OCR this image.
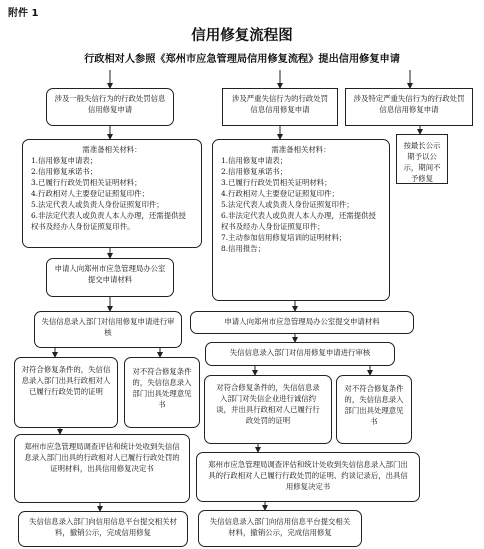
附件 1
信用修复流程图
行政相对人参照《郑州市应急管理局信用修复流程》提出信用修复申请
涉及一般失信行为的行政处罚信息信用修复申请
需准备相关材料：
1.信用修复申请表；
2.信用修复承诺书；
3.已履行行政处罚相关证明材料；
4.行政相对人主要登记证照复印件；
5.法定代表人或负责人身份证照复印件；
6.非法定代表人或负责人本人办理，还需提供授权书及经办人身份证照复印件。
申请人向郑州市应急管理局办公室提交申请材料
失信信息录入部门对信用修复申请进行审核
对符合修复条件的，失信信息录入部门出具行政相对人已履行行政处罚的证明
对不符合修复条件的，失信信息录入部门出具处理意见书
郑州市应急管理局调查评估和统计处收到失信信息录入部门出具的行政相对人已履行行政处罚的证明材料，出具信用修复决定书
失信信息录入部门向信用信息平台提交相关材料，撤销公示，完成信用修复
涉及严重失信行为的行政处罚信息信用修复申请
需准备相关材料：
1.信用修复申请表；
2.信用修复承诺书；
3.已履行行政处罚相关证明材料；
4.行政相对人主要登记证照复印件；
5.法定代表人或负责人身份证照复印件；
6.非法定代表人或负责人本人办理，还需提供授权书及经办人身份证照复印件；
7.主动参加信用修复培训的证明材料；
8.信用报告；
申请人向郑州市应急管理局办公室提交申请材料
失信信息录入部门对信用修复申请进行审核
对符合修复条件的，失信信息录入部门对失信企业进行诚信约谈，并出具行政相对人已履行行政处罚的证明
对不符合修复条件的，失信信息录入部门出具处理意见书
郑州市应急管理局调查评估和统计处收到失信信息录入部门出具的行政相对人已履行行政处罚的证明、约谈记录后，出具信用修复决定书
失信信息录入部门向信用信息平台提交相关材料，撤销公示，完成信用修复
涉及特定严重失信行为的行政处罚信息信用修复申请
按最长公示期予以公示，期间不予修复
